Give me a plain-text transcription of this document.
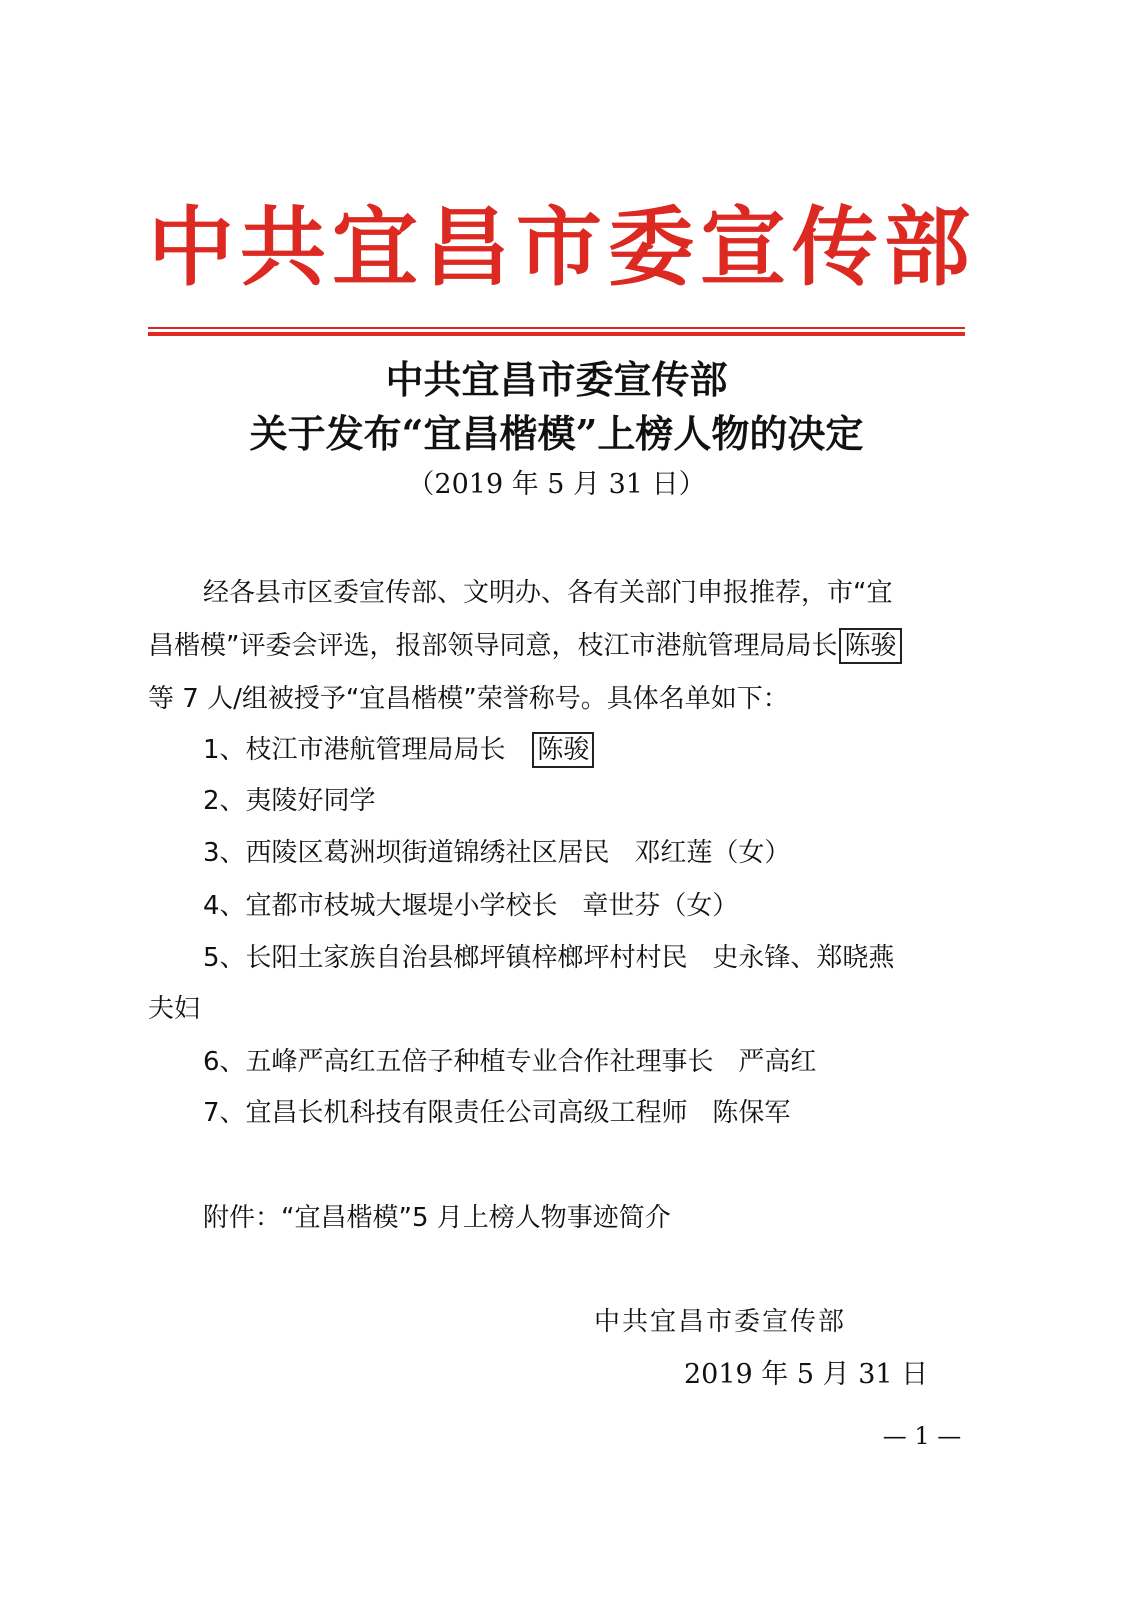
中共宜昌市委宣传部
中共宜昌市委宣传部
关于发布“宜昌楷模”上榜人物的决定
（2019 年 5 月 31 日）
经各县市区委宣传部、文明办、各有关部门申报推荐，市“宜
昌楷模”评委会评选，报部领导同意，枝江市港航管理局局长 陈骏
等 7 人/组被授予“宜昌楷模”荣誉称号。具体名单如下：
1、枝江市港航管理局局长 陈骏
2、夷陵好同学
3、西陵区葛洲坝街道锦绣社区居民 邓红莲（女）
4、宜都市枝城大堰堤小学校长 章世芬（女）
5、长阳土家族自治县榔坪镇梓榔坪村村民 史永锋、郑晓燕
夫妇
6、五峰严高红五倍子种植专业合作社理事长 严高红
7、宜昌长机科技有限责任公司高级工程师 陈保军
附件：“宜昌楷模”5 月上榜人物事迹简介
中共宜昌市委宣传部
2019 年 5 月 31 日
— 1 —
